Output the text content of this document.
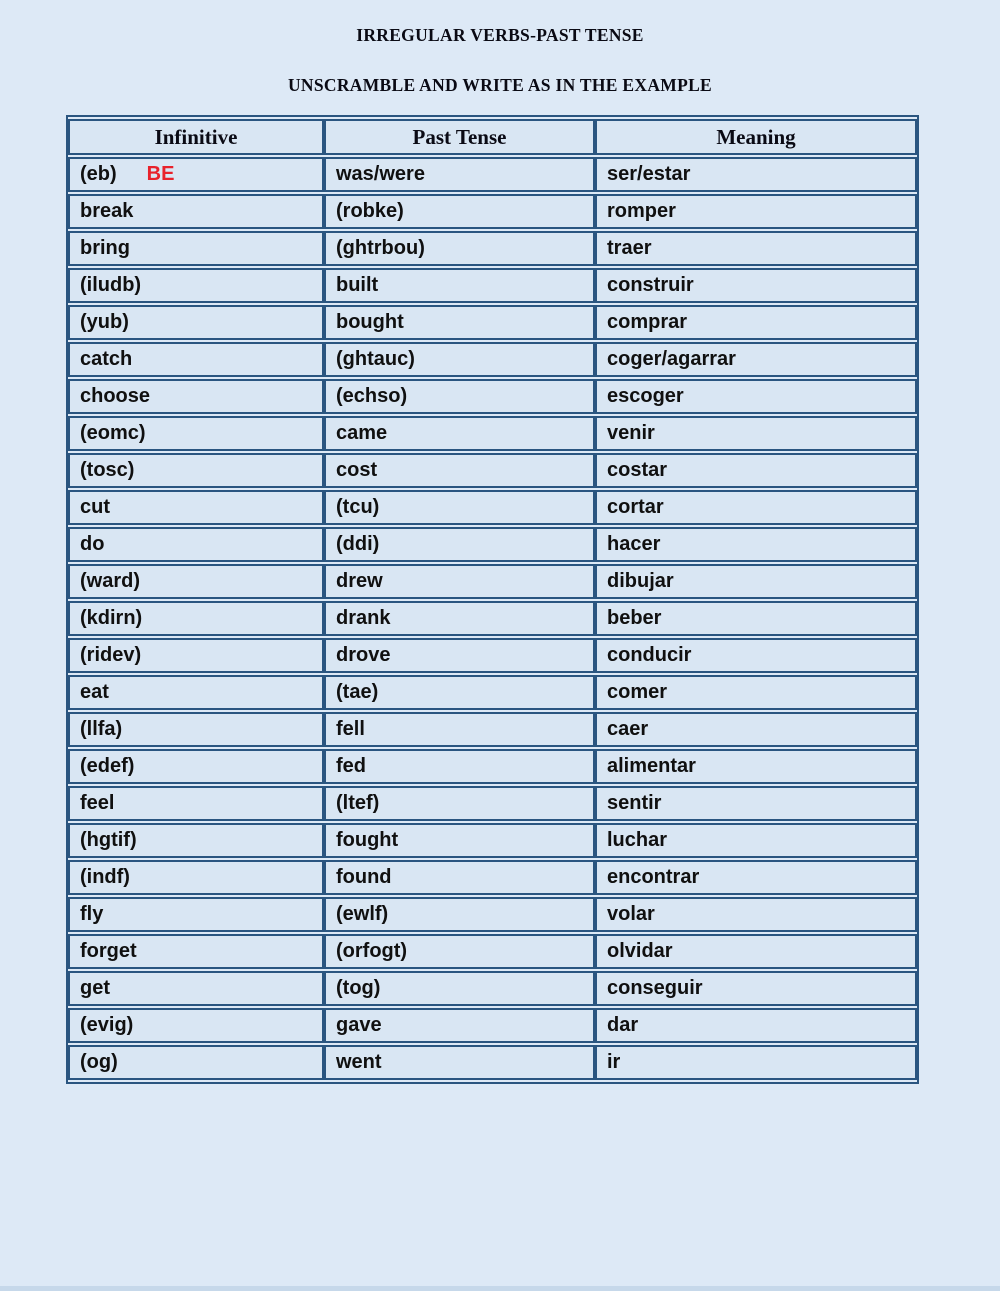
IRREGULAR VERBS-PAST TENSE
UNSCRAMBLE AND WRITE AS IN THE EXAMPLE
Infinitive	Past Tense	Meaning
(eb) BE	was/were	ser/estar
break	(robke)	romper
bring	(ghtrbou)	traer
(iludb)	built	construir
(yub)	bought	comprar
catch	(ghtauc)	coger/agarrar
choose	(echso)	escoger
(eomc)	came	venir
(tosc)	cost	costar
cut	(tcu)	cortar
do	(ddi)	hacer
(ward)	drew	dibujar
(kdirn)	drank	beber
(ridev)	drove	conducir
eat	(tae)	comer
(llfa)	fell	caer
(edef)	fed	alimentar
feel	(ltef)	sentir
(hgtif)	fought	luchar
(indf)	found	encontrar
fly	(ewlf)	volar
forget	(orfogt)	olvidar
get	(tog)	conseguir
(evig)	gave	dar
(og)	went	ir
